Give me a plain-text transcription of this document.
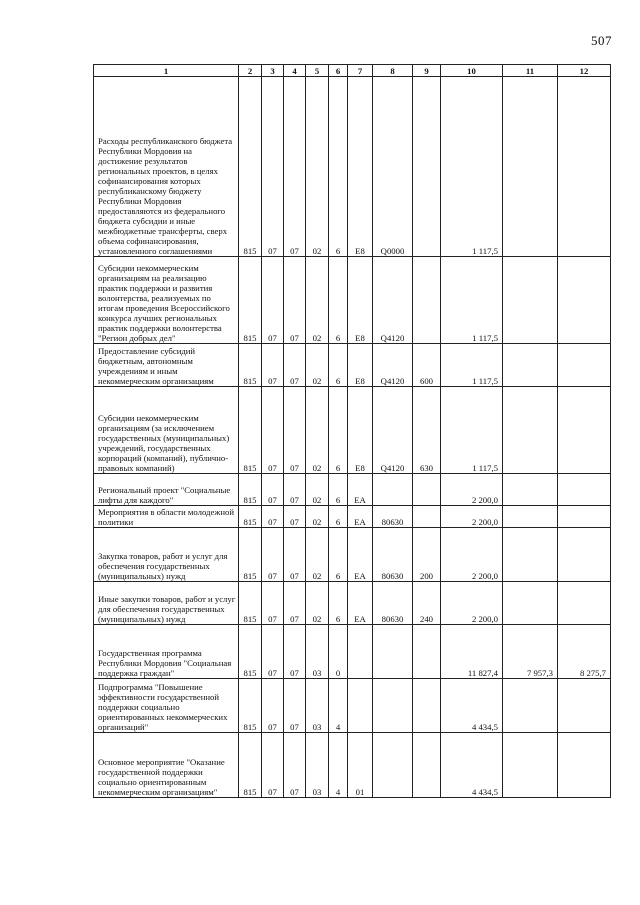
507
1	2	3	4	5	6	7	8	9	10	11	12
Расходы республиканского бюджета Республики Мордовия на достижение результатов региональных проектов, в целях софинансирования которых республиканскому бюджету Республики Мордовия предоставляются из федерального бюджета субсидии и иные межбюджетные трансферты, сверх объема софинансирования, установленного соглашениями	815	07	07	02	6	E8	Q0000		1 117,5		
Субсидии некоммерческим организациям на реализацию практик поддержки и развития волонтерства, реализуемых по итогам проведения Всероссийского конкурса лучших региональных практик поддержки волонтерства "Регион добрых дел"	815	07	07	02	6	E8	Q4120		1 117,5		
Предоставление субсидий бюджетным, автономным учреждениям и иным некоммерческим организациям	815	07	07	02	6	E8	Q4120	600	1 117,5		
Субсидии некоммерческим организациям (за исключением государственных (муниципальных) учреждений, государственных корпораций (компаний), публично-правовых компаний)	815	07	07	02	6	E8	Q4120	630	1 117,5		
Региональный проект "Социальные лифты для каждого"	815	07	07	02	6	EA			2 200,0		
Мероприятия в области молодежной политики	815	07	07	02	6	EA	80630		2 200,0		
Закупка товаров, работ и услуг для обеспечения государственных (муниципальных) нужд	815	07	07	02	6	EA	80630	200	2 200,0		
Иные закупки товаров, работ и услуг для обеспечения государственных (муниципальных) нужд	815	07	07	02	6	EA	80630	240	2 200,0		
Государственная программа Республики Мордовия "Социальная поддержка граждан"	815	07	07	03	0				11 827,4	7 957,3	8 275,7
Подпрограмма "Повышение эффективности государственной поддержки социально ориентированных некоммерческих организаций"	815	07	07	03	4				4 434,5		
Основное мероприятие "Оказание государственной поддержки социально ориентированным некоммерческим организациям"	815	07	07	03	4	01			4 434,5		
